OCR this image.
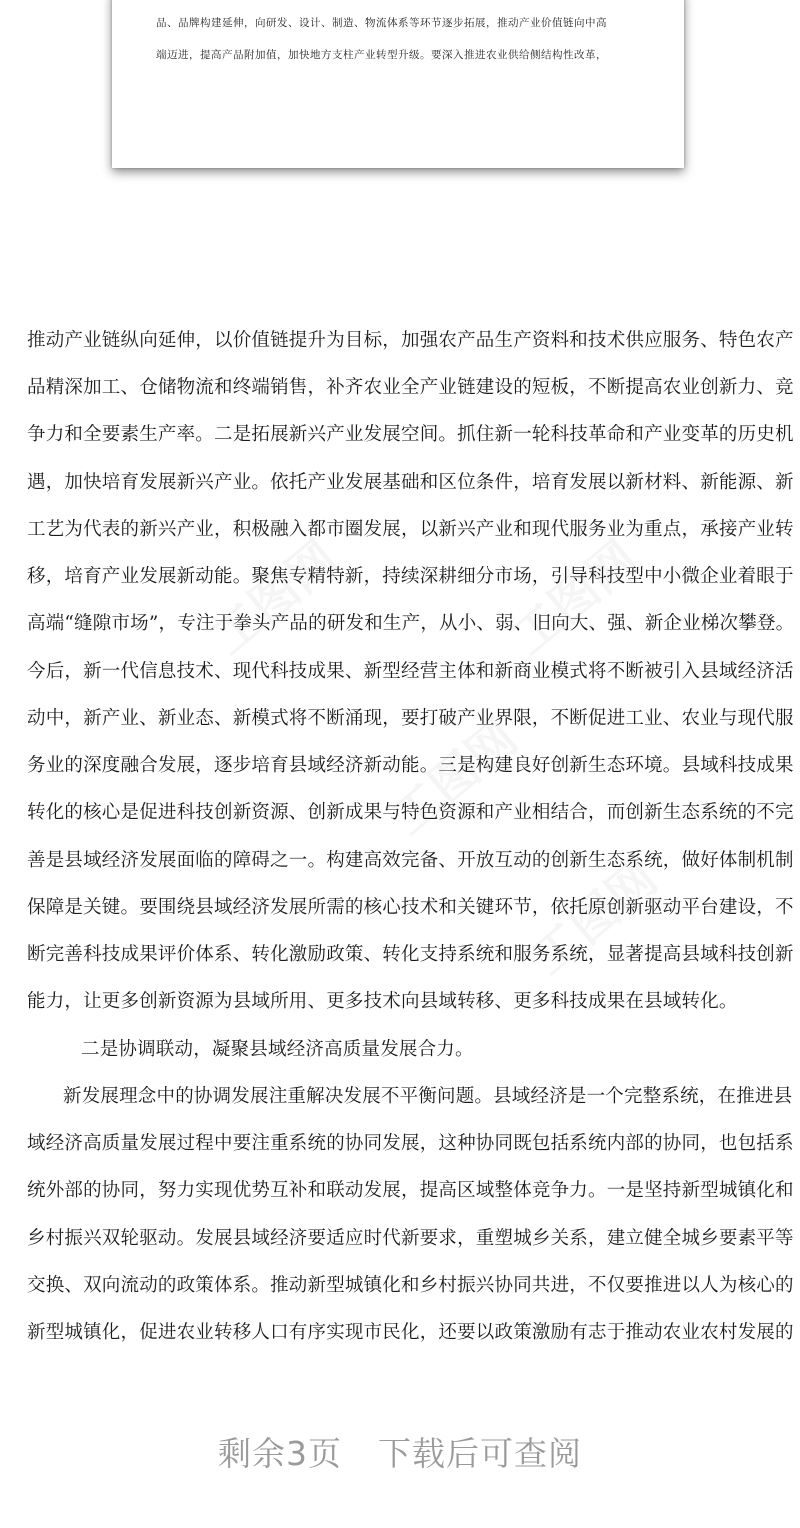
品、品牌构建延伸，向研发、设计、制造、物流体系等环节逐步拓展，推动产业价值链向中高
端迈进，提高产品附加值，加快地方支柱产业转型升级。要深入推进农业供给侧结构性改革，
工图网	工图网
工图网
工图网
推动产业链纵向延伸，以价值链提升为目标，加强农产品生产资料和技术供应服务、特色农产
品精深加工、仓储物流和终端销售，补齐农业全产业链建设的短板，不断提高农业创新力、竞
争力和全要素生产率。二是拓展新兴产业发展空间。抓住新一轮科技革命和产业变革的历史机
遇，加快培育发展新兴产业。依托产业发展基础和区位条件，培育发展以新材料、新能源、新
工艺为代表的新兴产业，积极融入都市圈发展，以新兴产业和现代服务业为重点，承接产业转
移，培育产业发展新动能。聚焦专精特新，持续深耕细分市场，引导科技型中小微企业着眼于
高端“缝隙市场”，专注于拳头产品的研发和生产，从小、弱、旧向大、强、新企业梯次攀登。
今后，新一代信息技术、现代科技成果、新型经营主体和新商业模式将不断被引入县域经济活
动中，新产业、新业态、新模式将不断涌现，要打破产业界限，不断促进工业、农业与现代服
务业的深度融合发展，逐步培育县域经济新动能。三是构建良好创新生态环境。县域科技成果
转化的核心是促进科技创新资源、创新成果与特色资源和产业相结合，而创新生态系统的不完
善是县域经济发展面临的障碍之一。构建高效完备、开放互动的创新生态系统，做好体制机制
保障是关键。要围绕县域经济发展所需的核心技术和关键环节，依托原创新驱动平台建设，不
断完善科技成果评价体系、转化激励政策、转化支持系统和服务系统，显著提高县域科技创新
能力，让更多创新资源为县域所用、更多技术向县域转移、更多科技成果在县域转化。
二是协调联动，凝聚县域经济高质量发展合力。
新发展理念中的协调发展注重解决发展不平衡问题。县域经济是一个完整系统，在推进县
域经济高质量发展过程中要注重系统的协同发展，这种协同既包括系统内部的协同，也包括系
统外部的协同，努力实现优势互补和联动发展，提高区域整体竞争力。一是坚持新型城镇化和
乡村振兴双轮驱动。发展县域经济要适应时代新要求，重塑城乡关系，建立健全城乡要素平等
交换、双向流动的政策体系。推动新型城镇化和乡村振兴协同共进，不仅要推进以人为核心的
新型城镇化，促进农业转移人口有序实现市民化，还要以政策激励有志于推动农业农村发展的
剩余3页 下载后可查阅
